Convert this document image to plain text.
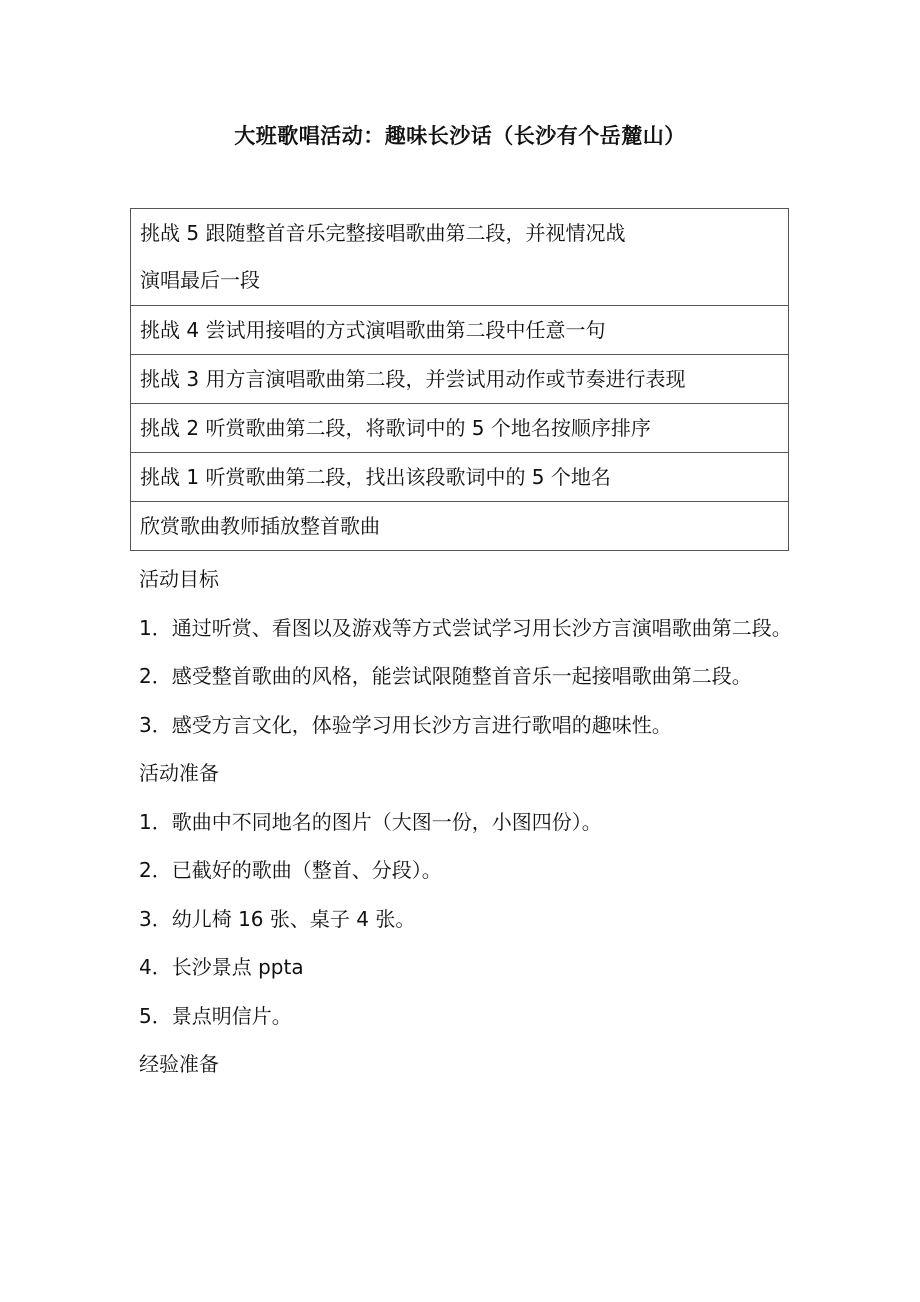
大班歌唱活动：趣味长沙话（长沙有个岳麓山）
挑战 5 跟随整首音乐完整接唱歌曲第二段，并视情况战
演唱最后一段

挑战 4 尝试用接唱的方式演唱歌曲第二段中任意一句
挑战 3 用方言演唱歌曲第二段，并尝试用动作或节奏进行表现
挑战 2 听赏歌曲第二段，将歌词中的 5 个地名按顺序排序
挑战 1 听赏歌曲第二段，找出该段歌词中的 5 个地名
欣赏歌曲教师插放整首歌曲

活动目标

1．通过听赏、看图以及游戏等方式尝试学习用长沙方言演唱歌曲第二段。

2．感受整首歌曲的风格，能尝试限随整首音乐一起接唱歌曲第二段。

3．感受方言文化，体验学习用长沙方言进行歌唱的趣味性。

活动准备

1．歌曲中不同地名的图片（大图一份，小图四份）。

2．已截好的歌曲（整首、分段）。

3．幼儿椅 16 张、桌子 4 张。

4．长沙景点 ppta

5．景点明信片。

经验准备
